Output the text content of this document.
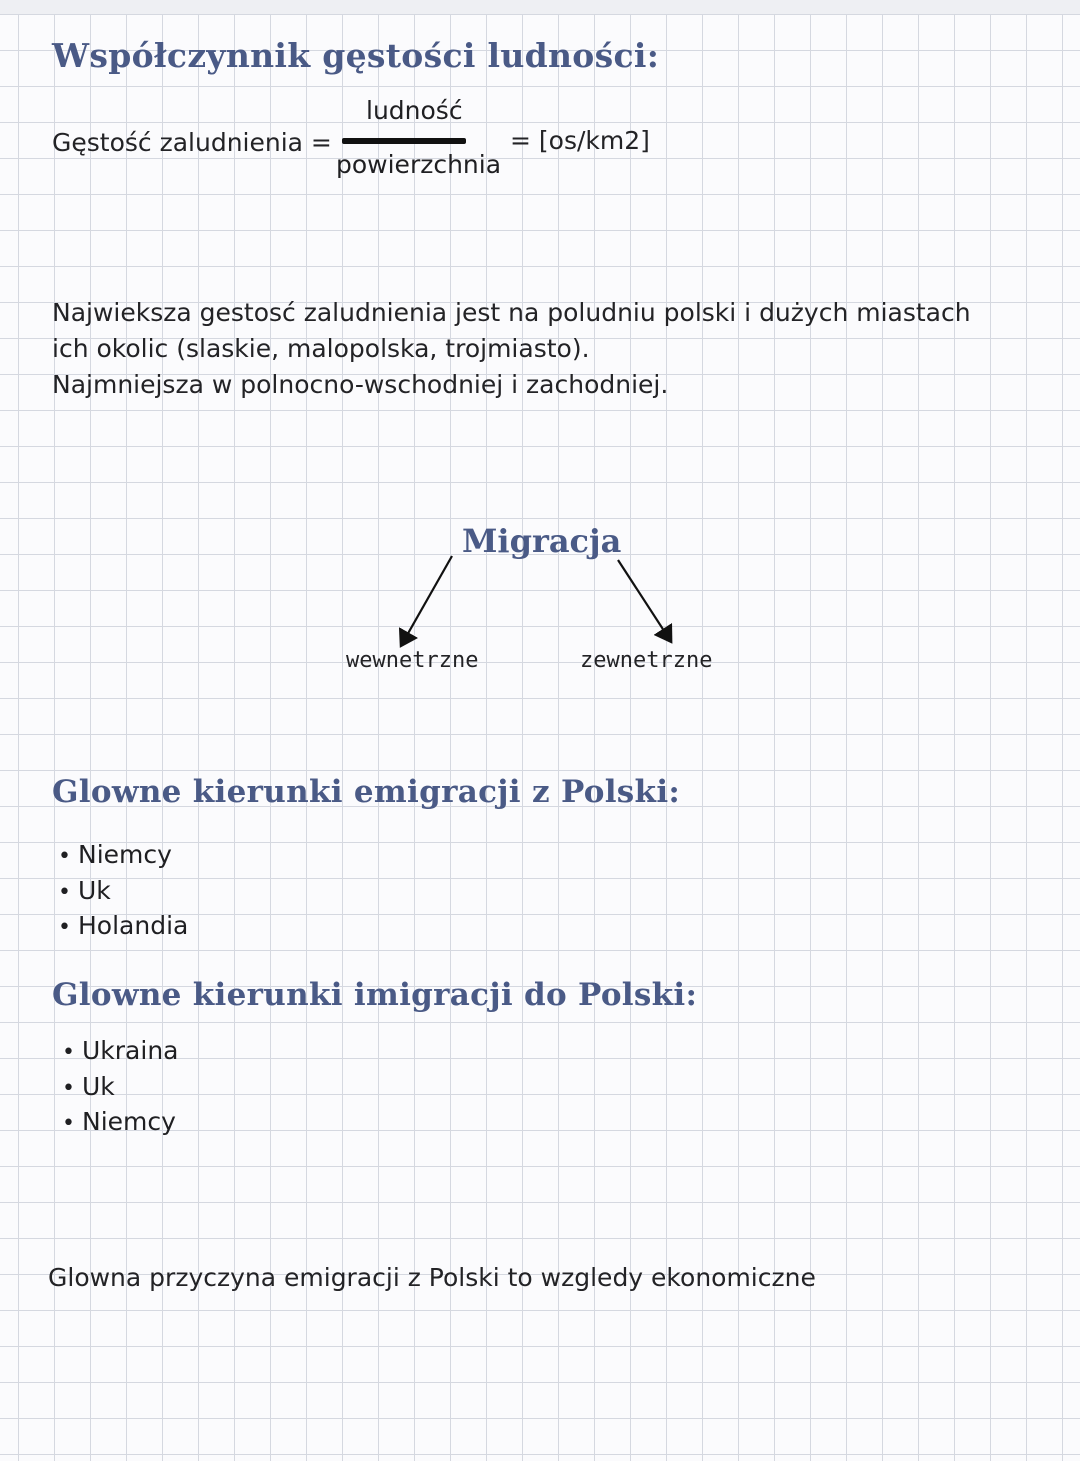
Współczynnik gęstości ludności:
Gęstość zaludnienia =
ludność
powierzchnia
= [os/km2]
Najwieksza gestosć zaludnienia jest na poludniu polski i dużych miastach
ich okolic (slaskie, malopolska, trojmiasto).
Najmniejsza w polnocno-wschodniej i zachodniej.
Migracja
wewnetrzne	zewnetrzne
Glowne kierunki emigracji z Polski:
• Niemcy
• Uk
• Holandia
Glowne kierunki imigracji do Polski:
• Ukraina
• Uk
• Niemcy
Glowna przyczyna emigracji z Polski to wzgledy ekonomiczne
